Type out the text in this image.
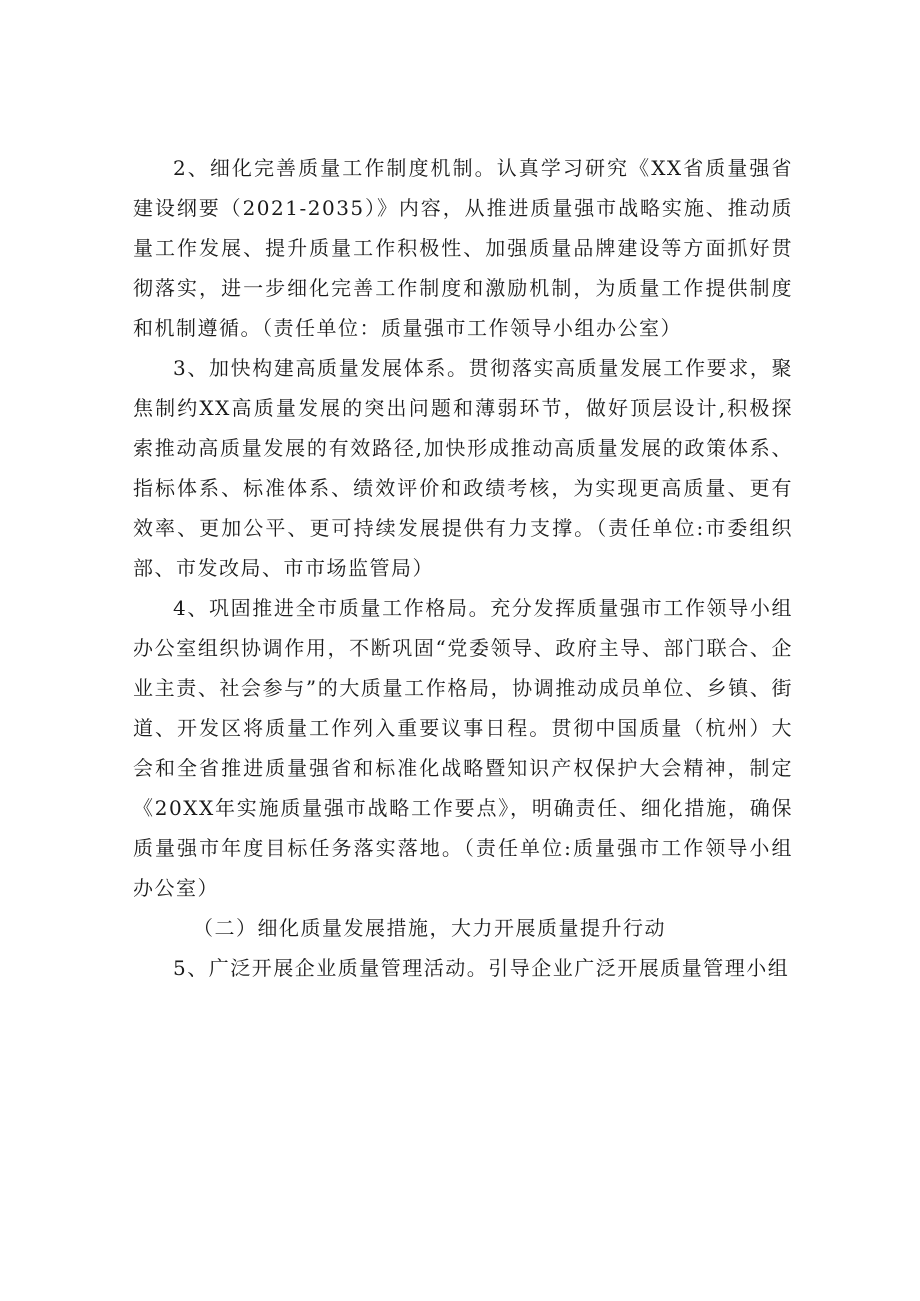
2、细化完善质量工作制度机制。认真学习研究《XX省质量强省建设纲要（2021-2035）》内容，从推进质量强市战略实施、推动质量工作发展、提升质量工作积极性、加强质量品牌建设等方面抓好贯彻落实，进一步细化完善工作制度和激励机制，为质量工作提供制度和机制遵循。（责任单位：质量强市工作领导小组办公室）

3、加快构建高质量发展体系。贯彻落实高质量发展工作要求，聚焦制约XX高质量发展的突出问题和薄弱环节，做好顶层设计,积极探索推动高质量发展的有效路径,加快形成推动高质量发展的政策体系、指标体系、标准体系、绩效评价和政绩考核，为实现更高质量、更有效率、更加公平、更可持续发展提供有力支撑。（责任单位:市委组织部、市发改局、市市场监管局）

4、巩固推进全市质量工作格局。充分发挥质量强市工作领导小组办公室组织协调作用，不断巩固“党委领导、政府主导、部门联合、企业主责、社会参与”的大质量工作格局，协调推动成员单位、乡镇、街道、开发区将质量工作列入重要议事日程。贯彻中国质量（杭州）大会和全省推进质量强省和标准化战略暨知识产权保护大会精神，制定《20XX年实施质量强市战略工作要点》，明确责任、细化措施，确保质量强市年度目标任务落实落地。（责任单位:质量强市工作领导小组办公室）

（二）细化质量发展措施，大力开展质量提升行动

5、广泛开展企业质量管理活动。引导企业广泛开展质量管理小组
